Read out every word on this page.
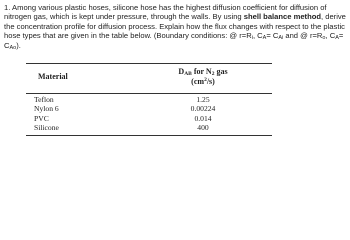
1. Among various plastic hoses, silicone hose has the highest diffusion coefficient for diffusion of nitrogen gas, which is kept under pressure, through the walls. By using shell balance method, derive the concentration profile for diffusion process. Explain how the flux changes with respect to the plastic hose types that are given in the table below. (Boundary conditions: @ $r=R_i$, $C_A= C_{Ai}$ and @ $r=R_o$, $C_A= C_{Ao}$).
Material
$D_{AB}$ for $N_2$ gas
$(cm^2/s)$
Teflon
Nylon 6
PVC
Silicone
1.25
0.00224
0.014
400
